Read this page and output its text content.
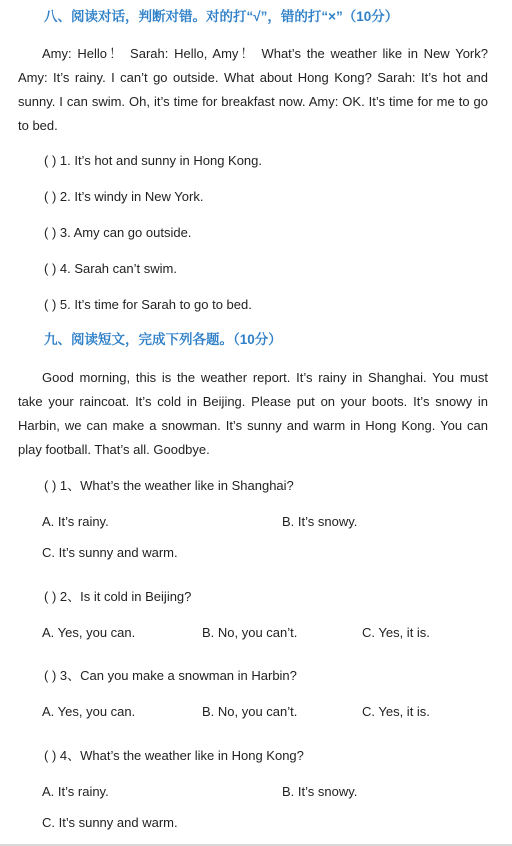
八、阅读对话，判断对错。对的打“√”，错的打“×”（10分）
Amy: Hello！ Sarah: Hello, Amy！ What’s the weather like in New York? Amy: It’s rainy. I can’t go outside. What about Hong Kong? Sarah: It’s hot and sunny. I can swim. Oh, it’s time for breakfast now. Amy: OK. It’s time for me to go to bed.
( ) 1. It’s hot and sunny in Hong Kong.
( ) 2. It’s windy in New York.
( ) 3. Amy can go outside.
( ) 4. Sarah can’t swim.
( ) 5. It’s time for Sarah to go to bed.
九、阅读短文，完成下列各题。（10分）
Good morning, this is the weather report. It’s rainy in Shanghai. You must take your raincoat. It’s cold in Beijing. Please put on your boots. It’s snowy in Harbin, we can make a snowman. It’s sunny and warm in Hong Kong. You can play football. That’s all. Goodbye.
( ) 1、What’s the weather like in Shanghai?
A. It’s rainy.	B. It’s snowy.
C. It’s sunny and warm.
( ) 2、Is it cold in Beijing?
A. Yes, you can.	B. No, you can’t.	C. Yes, it is.
( ) 3、Can you make a snowman in Harbin?
A. Yes, you can.	B. No, you can’t.	C. Yes, it is.
( ) 4、What’s the weather like in Hong Kong?
A. It’s rainy.	B. It’s snowy.
C. It’s sunny and warm.
